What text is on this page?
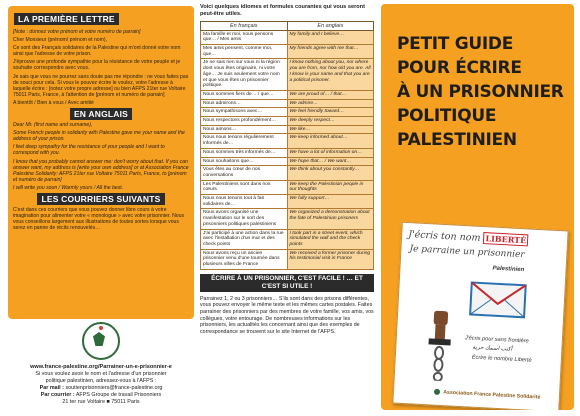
LA PREMIÈRE LETTRE

[Note : donnez votre prénom et votre numéro de parrain]

Cher Monsieur (prénom/ prénom et nom),

Ce sont des Français solidaires de la Palestine qui m'ont donné votre nom ainsi que l'adresse de votre prison.

J'éprouve une profonde sympathie pour la résistance de votre peuple et je souhaite correspondre avec vous.

Je sais que vous ne pourrez sans doute pas me répondre : ne vous faites pas de souci pour cela. Si vous le pouvez écrire le voulez, votre l'adresse à laquelle écrire : [notez votre propre adresse] ou bien AFPS 21ter rue Voltaire 75011 Paris, France, à l'attention de [prénom et numéro de parrain]

A bientôt / Bien à vous / Avec amitié

EN ANGLAIS

Dear Mr. (first name and surname),

Some French people in solidarity with Palestine gave me your name and the address of your prison.

I feel deep sympathy for the resistance of your people and I want to correspond with you.

I know that you probably cannot answer me: don't worry about that. If you can answer want, my address is [write your own address] or at Association France Palestine Solidarity: AFPS 21ter rue Voltaire 75011 Paris, France, to [prénom et numéro de parrain]

I will write you soon / Warmly yours / All the best.

LES COURRIERS SUIVANTS

C'est dans ces courriers que vous pouvez donner libre cours à votre imagination pour alimenter votre « monologue » avec votre prisonnier. Nous vous conseillons largement aux illustrations de toutes sortes lorsque vous serez en panne de récits renouvelés…

www.france-palestine.org/Parrainer-un-e-prisonnier-e
Si vous voulez avoir le nom et l'adresse d'un prisonnier
politique palestinien, adressez-vous à l'AFPS :
Par mail : soutienprisonniers@france-palestine.org
Par courrier : AFPS Groupe de travail Prisonniers
21 ter rue Voltaire ■ 75011 Paris
Voici quelques idiomes et formules courantes qui vous seront peut-être utiles.
En français	En anglais
Ma famille et moi, nous pensons que… / Mes amis	My family and I believe…
Mes amis pensent, comme moi, que…	My friends agree with me that…
Je ne sais rien sur vous ni la région dont vous êtes originaire, ni votre âge… Je suis seulement votre nom et que vous êtes un prisonnier politique.	I know nothing about you, nor where you are from, nor how old you are. All I know is your name and that you are a political prisoner.
Nous sommes fiers de… / que…	We are proud of… / that…
Nous admirons…	We admire…
Nous sympathisons avec…	We feel friendly toward…
Nous respectons profondément…	We deeply respect…
Nous aimons…	We like…
Nous nous tenons régulièrement informés de…	We keep informed about…
Nous sommes très informés de…	We have a lot of information on…
Nous souhaitons que…	We hope that… / We want…
Vous êtes au cœur de nos conversations	We think about you constantly…
Les Palestiniens sont dans nos cœurs	We keep the Palestinian people in our thoughts
Nous nous tenons tout à fait solidaires de…	We fully support…
Nous avons organisé une manifestation sur le sort des prisonniers politiques palestiniens	We organized a demonstration about the fate of Palestinian prisoners
J'ai participé à une action dans la rue avec l'installation d'un mur et des check points	I took part in a street event, which simulated the wall and the check points
Nous avons reçu un ancien prisonnier venu d'une tournée dans plusieurs villes de France	We received a former prisoner during his testimonial visit in France
ÉCRIRE À UN PRISONNIER, C'EST FACILE ! … ET C'EST SI UTILE !

Parrainez 1, 2 ou 3 prisonniers… S'ils sont dans des prisons différentes, vous pouvez envoyer le même texte et les mêmes cartes postales. Faites parrainer des prisonniers par des membres de votre famille, vos amis, vos collègues, votre entourage. De nombreuses informations sur les prisonniers, les actualités les concernant ainsi que des exemples de correspondance se trouvent sur le site Internet de l'AFPS.

PETIT GUIDE
POUR ÉCRIRE
À UN PRISONNIER
POLITIQUE
PALESTINIEN
J'écris ton nom LIBERTÉ
Je parraine un prisonnier
Palestinien
J'écris pour sans frontière
أكتب اسمك حرية
Écrire le nombre Liberté
Association France Palestine Solidarité
